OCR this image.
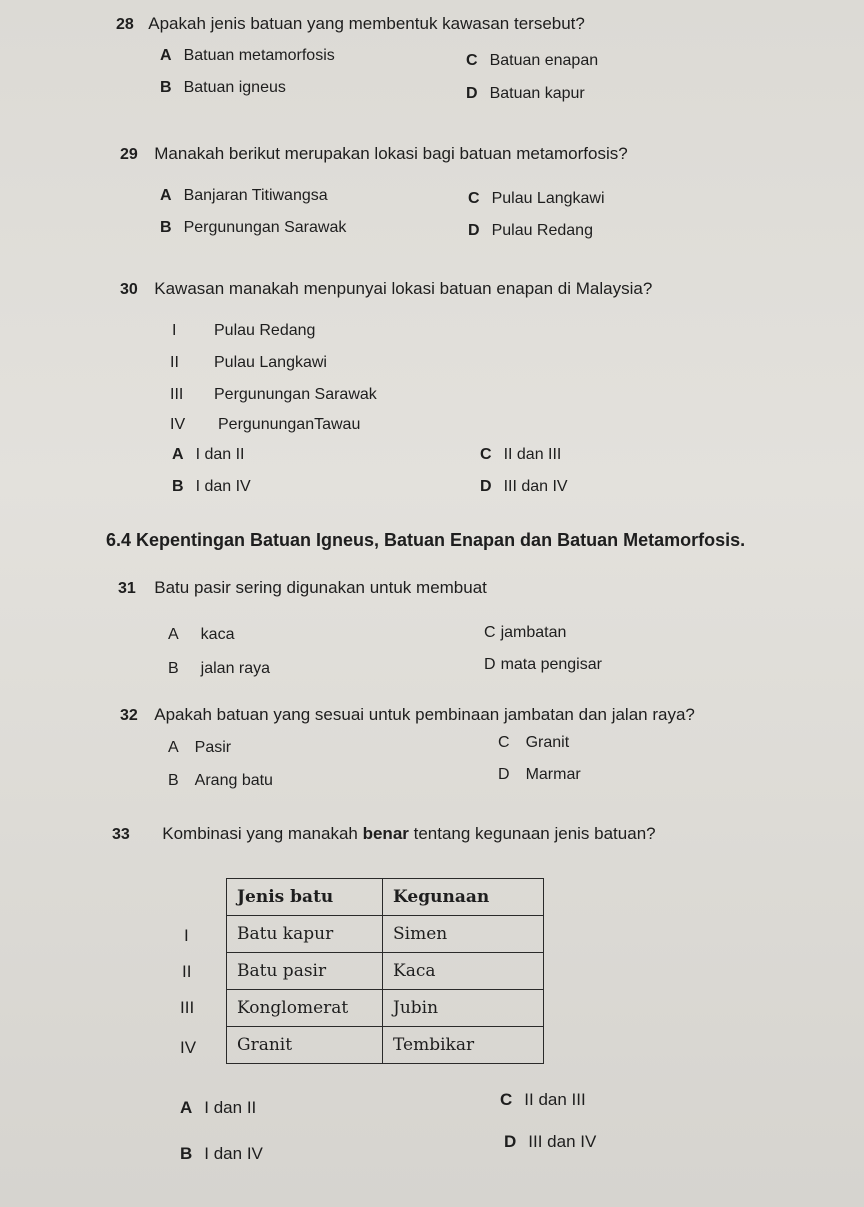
28 Apakah jenis batuan yang membentuk kawasan tersebut?
A Batuan metamorfosis
B Batuan igneus
C Batuan enapan
D Batuan kapur
29 Manakah berikut merupakan lokasi bagi batuan metamorfosis?
A Banjaran Titiwangsa
B Pergunungan Sarawak
C Pulau Langkawi
D Pulau Redang
30 Kawasan manakah menpunyai lokasi batuan enapan di Malaysia?
I Pulau Redang
II Pulau Langkawi
III Pergunungan Sarawak
IV PergununganTawau
A I dan II
B I dan IV
C II dan III
D III dan IV
6.4 Kepentingan Batuan Igneus, Batuan Enapan dan Batuan Metamorfosis.
31 Batu pasir sering digunakan untuk membuat
A kaca
B jalan raya
C jambatan
D mata pengisar
32 Apakah batuan yang sesuai untuk pembinaan jambatan dan jalan raya?
A Pasir
B Arang batu
C Granit
D Marmar
33 Kombinasi yang manakah benar tentang kegunaan jenis batuan?
I
II
III
IV
Jenis batu	Kegunaan
Batu kapur	Simen
Batu pasir	Kaca
Konglomerat	Jubin
Granit	Tembikar
A I dan II
B I dan IV
C II dan III
D III dan IV
